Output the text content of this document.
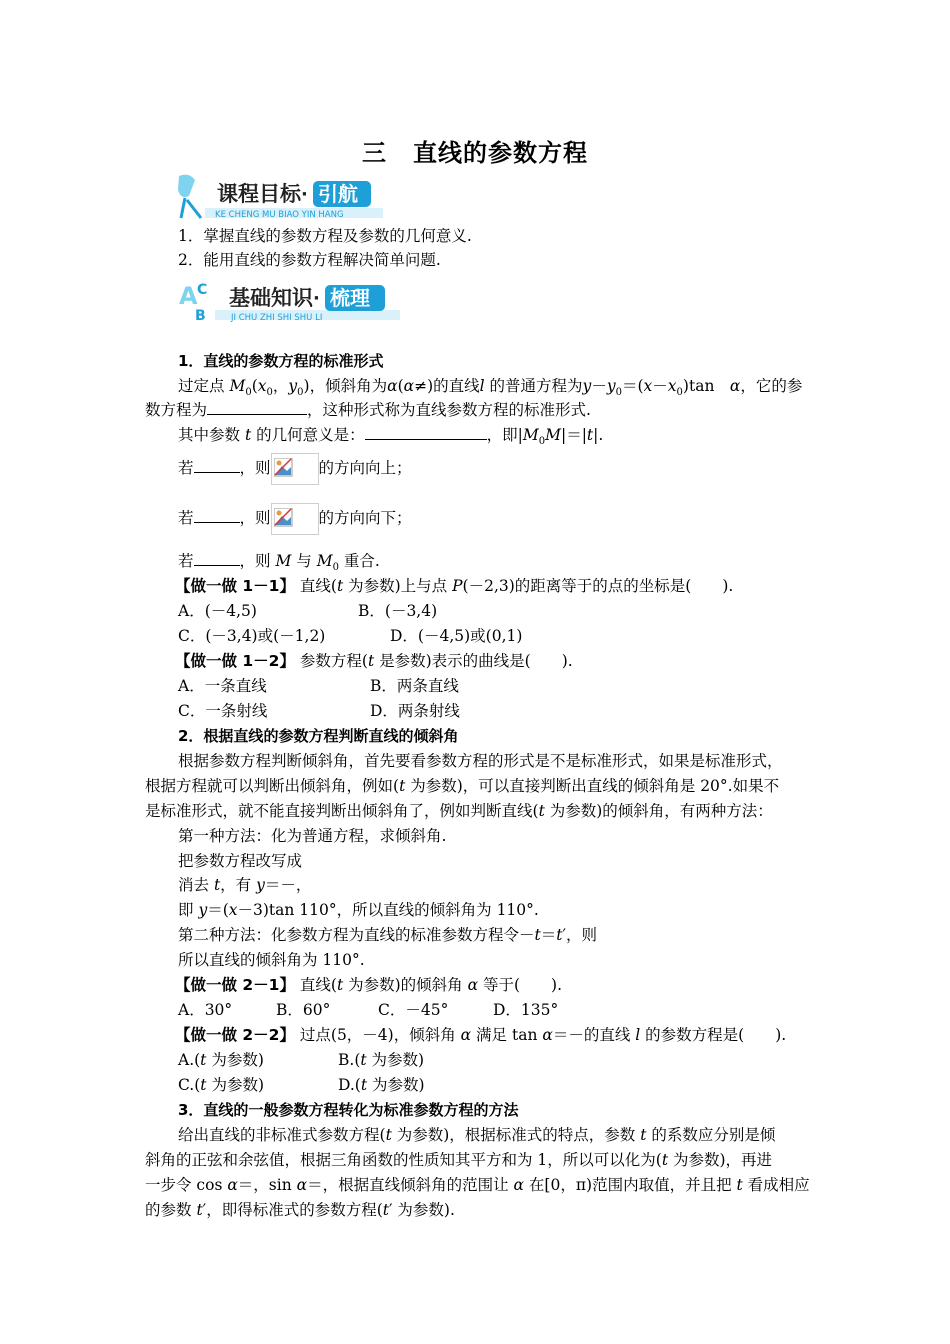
三 直线的参数方程
课程目标 · 引航
KE CHENG MU BIAO YIN HANG
1．掌握直线的参数方程及参数的几何意义.
2．能用直线的参数方程解决简单问题.
A C
B
基础知识 · 梳理
JI CHU ZHI SHI SHU LI
1．直线的参数方程的标准形式
过定点 $M_0(x_0$，$y_0$)，倾斜角为α(α≠)的直线l 的普通方程为$y-y_0=(x-x_0)\tan$　α，它的参
数方程为	，这种形式称为直线参数方程的标准形式.
其中参数 t 的几何意义是：	，即$|M_0M|=|t|$.
若	，则	的方向向上；
若	，则	的方向向下；
若	，则 M 与 $M_0$ 重合.
【做一做 1－1】 直线(t 为参数)上与点 P(－2,3)的距离等于的点的坐标是(　　).
A．(－4,5)	B．(－3,4)
C．(－3,4)或(－1,2)	D．(－4,5)或(0,1)
【做一做 1－2】 参数方程(t 是参数)表示的曲线是(　　).
A．一条直线	B．两条直线
C．一条射线	D．两条射线
2．根据直线的参数方程判断直线的倾斜角
根据参数方程判断倾斜角，首先要看参数方程的形式是不是标准形式，如果是标准形式，
根据方程就可以判断出倾斜角，例如(t 为参数)，可以直接判断出直线的倾斜角是 20°.如果不
是标准形式，就不能直接判断出倾斜角了，例如判断直线(t 为参数)的倾斜角，有两种方法：
第一种方法：化为普通方程，求倾斜角.
把参数方程改写成
消去 t，有 y＝－，
即 y＝(x－3)tan 110°，所以直线的倾斜角为 110°.
第二种方法：化参数方程为直线的标准参数方程令－t＝t′，则
所以直线的倾斜角为 110°.
【做一做 2－1】 直线(t 为参数)的倾斜角 α 等于(　　).
A．30°	B．60°	C．－45°	D．135°
【做一做 2－2】 过点(5，－4)，倾斜角 α 满足 tan α＝－的直线 l 的参数方程是(　　).
A.(t 为参数)	B.(t 为参数)
C.(t 为参数)	D.(t 为参数)
3．直线的一般参数方程转化为标准参数方程的方法
给出直线的非标准式参数方程(t 为参数)，根据标准式的特点，参数 t 的系数应分别是倾
斜角的正弦和余弦值，根据三角函数的性质知其平方和为 1，所以可以化为(t 为参数)，再进
一步令 cos α＝，sin α＝，根据直线倾斜角的范围让 α 在[0，π)范围内取值，并且把 t 看成相应
的参数 t′，即得标准式的参数方程(t′ 为参数).
